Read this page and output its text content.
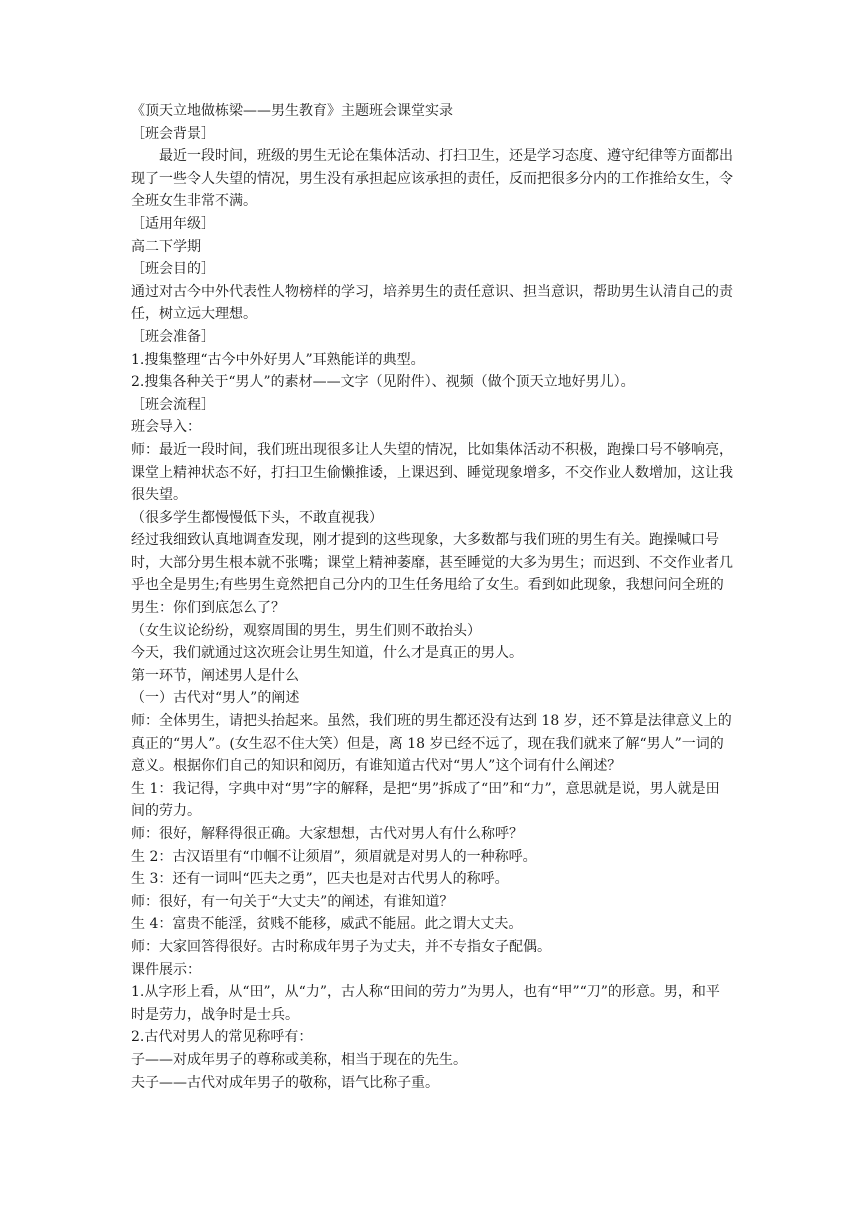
《顶天立地做栋梁——男生教育》主题班会课堂实录

［班会背景］

最近一段时间，班级的男生无论在集体活动、打扫卫生，还是学习态度、遵守纪律等方面都出现了一些令人失望的情况，男生没有承担起应该承担的责任，反而把很多分内的工作推给女生，令全班女生非常不满。

［适用年级］

高二下学期

［班会目的］

通过对古今中外代表性人物榜样的学习，培养男生的责任意识、担当意识，帮助男生认清自己的责任，树立远大理想。

［班会准备］

1.搜集整理“古今中外好男人”耳熟能详的典型。

2.搜集各种关于“男人”的素材——文字（见附件）、视频（做个顶天立地好男儿）。

［班会流程］

班会导入：

师：最近一段时间，我们班出现很多让人失望的情况，比如集体活动不积极，跑操口号不够响亮，课堂上精神状态不好，打扫卫生偷懒推诿，上课迟到、睡觉现象增多，不交作业人数增加，这让我很失望。

（很多学生都慢慢低下头，不敢直视我）

经过我细致认真地调查发现，刚才提到的这些现象，大多数都与我们班的男生有关。跑操喊口号时，大部分男生根本就不张嘴；课堂上精神萎靡，甚至睡觉的大多为男生；而迟到、不交作业者几乎也全是男生;有些男生竟然把自己分内的卫生任务甩给了女生。看到如此现象，我想问问全班的男生：你们到底怎么了？

（女生议论纷纷，观察周围的男生，男生们则不敢抬头）

今天，我们就通过这次班会让男生知道，什么才是真正的男人。

第一环节，阐述男人是什么

（一）古代对“男人”的阐述

师：全体男生，请把头抬起来。虽然，我们班的男生都还没有达到 18 岁，还不算是法律意义上的真正的“男人”。(女生忍不住大笑）但是，离 18 岁已经不远了，现在我们就来了解“男人”一词的意义。根据你们自己的知识和阅历，有谁知道古代对“男人”这个词有什么阐述？

生 1：我记得，字典中对“男”字的解释，是把“男”拆成了“田”和“力”，意思就是说，男人就是田间的劳力。

师：很好，解释得很正确。大家想想，古代对男人有什么称呼？

生 2：古汉语里有“巾帼不让须眉”，须眉就是对男人的一种称呼。

生 3：还有一词叫“匹夫之勇”，匹夫也是对古代男人的称呼。

师：很好，有一句关于“大丈夫”的阐述，有谁知道？

生 4：富贵不能淫，贫贱不能移，威武不能屈。此之谓大丈夫。

师：大家回答得很好。古时称成年男子为丈夫，并不专指女子配偶。

课件展示：

1.从字形上看，从“田”，从“力”，古人称“田间的劳力”为男人，也有“甲”“刀”的形意。男，和平时是劳力，战争时是士兵。

2.古代对男人的常见称呼有：

子——对成年男子的尊称或美称，相当于现在的先生。

夫子——古代对成年男子的敬称，语气比称子重。
